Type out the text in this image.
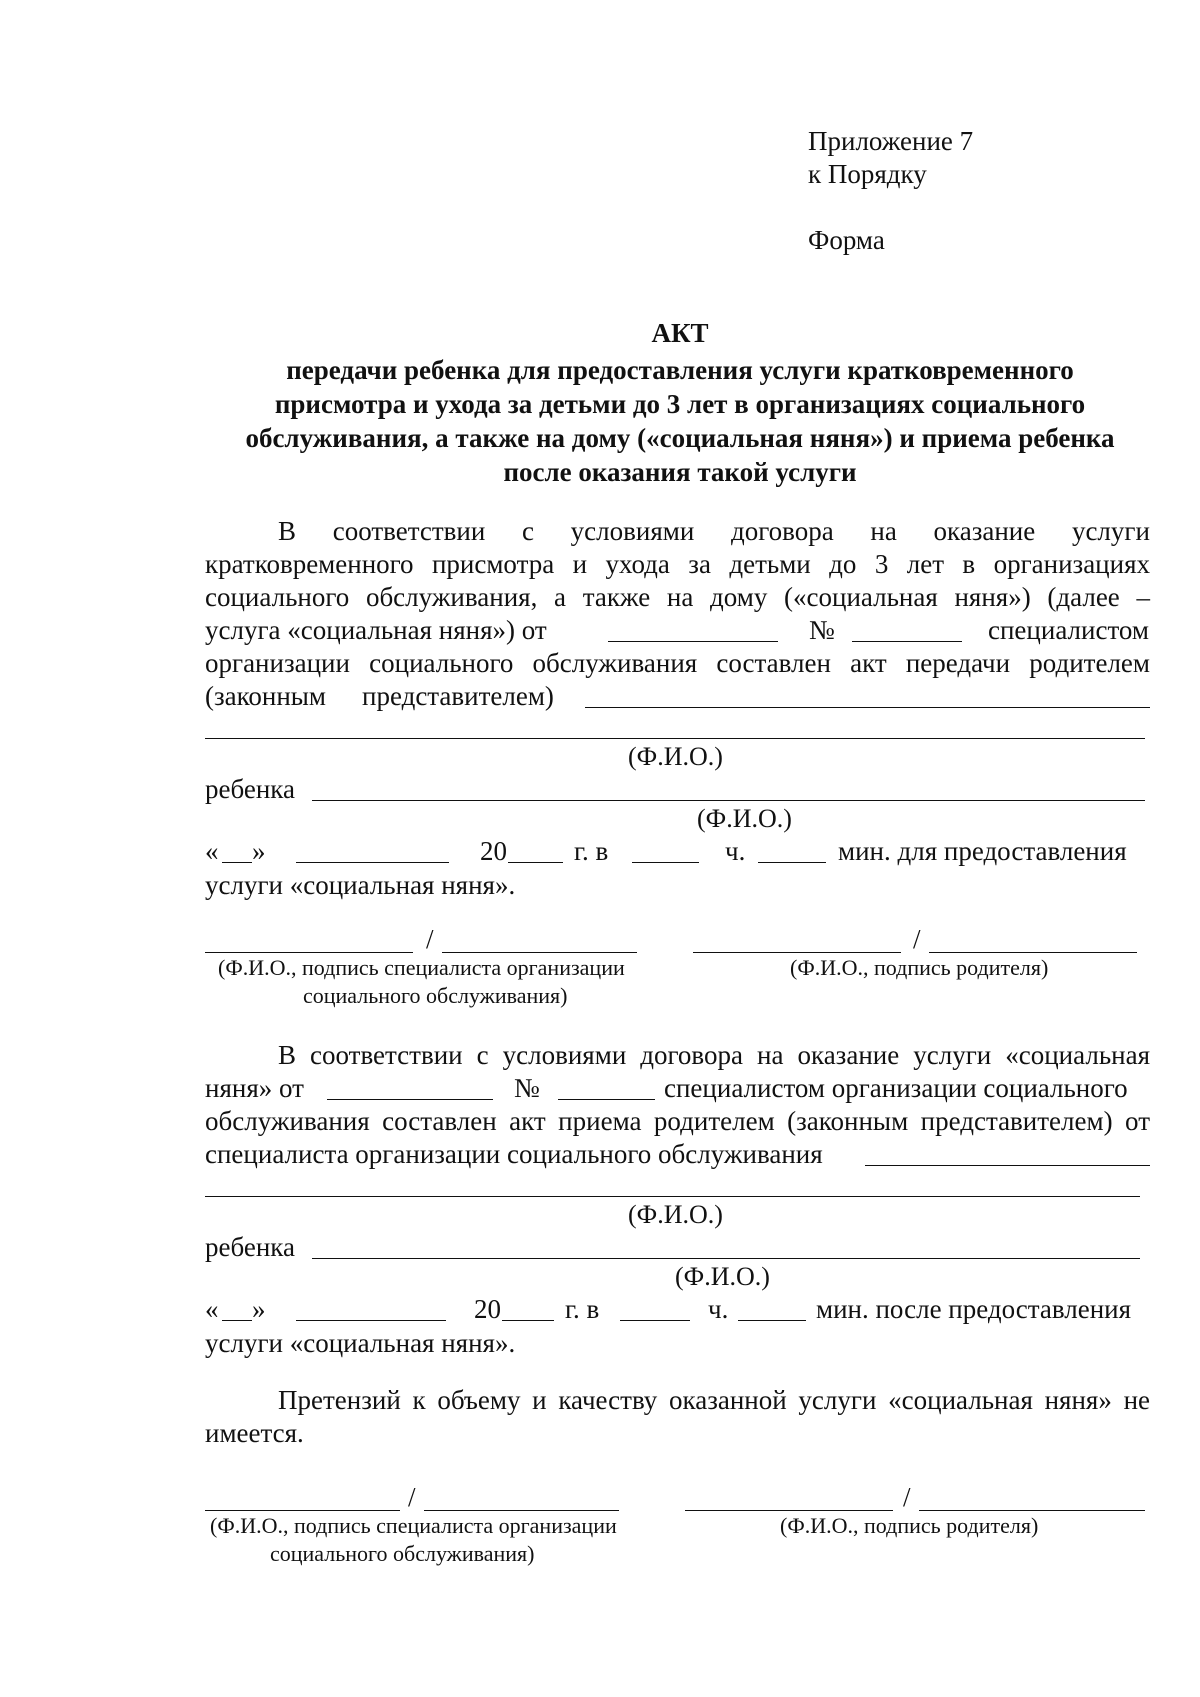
Приложение 7
к Порядку
Форма
АКТ
передачи ребенка для предоставления услуги кратковременного
присмотра и ухода за детьми до 3 лет в организациях социального
обслуживания, а также на дому («социальная няня») и приема ребенка
после оказания такой услуги
В соответствии с условиями договора на оказание услуги
кратковременного присмотра и ухода за детьми до 3 лет в организациях
социального обслуживания, а также на дому («социальная няня») (далее –
услуга «социальная няня») от	№	специалистом
организации социального обслуживания составлен акт передачи родителем
(законным представителем)
(Ф.И.О.)
ребенка
(Ф.И.О.)
« »	20 г. в	ч.	мин. для предоставления
услуги «социальная няня».
/	/
(Ф.И.О., подпись специалиста организации
социального обслуживания)
(Ф.И.О., подпись родителя)
В соответствии с условиями договора на оказание услуги «социальная
няня» от	№	специалистом организации социального
обслуживания составлен акт приема родителем (законным представителем) от
специалиста организации социального обслуживания
(Ф.И.О.)
ребенка
(Ф.И.О.)
« »	20 г. в	ч.	мин. после предоставления
услуги «социальная няня».
Претензий к объему и качеству оказанной услуги «социальная няня» не
имеется.
/	/
(Ф.И.О., подпись специалиста организации
социального обслуживания)
(Ф.И.О., подпись родителя)
